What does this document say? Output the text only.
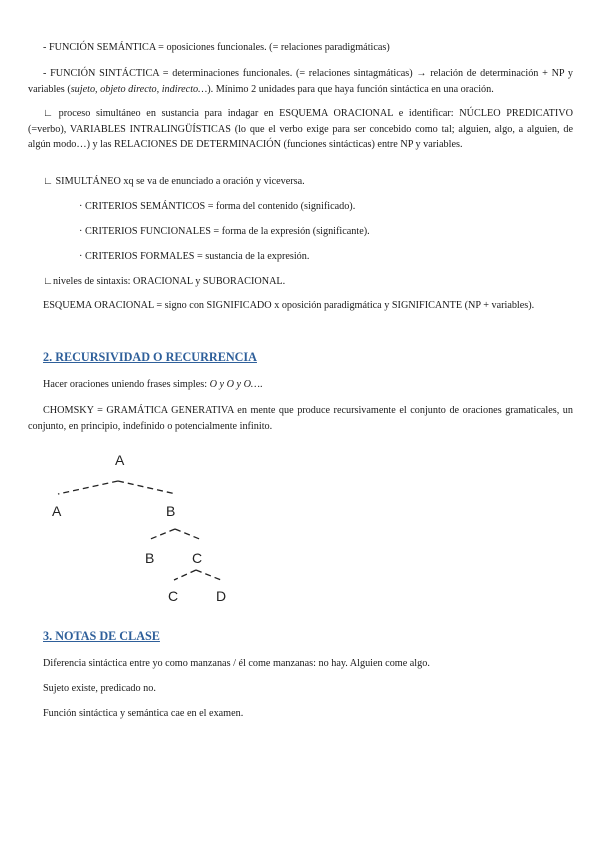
- FUNCIÓN SEMÁNTICA = oposiciones funcionales. (= relaciones paradigmáticas)
- FUNCIÓN SINTÁCTICA = determinaciones funcionales. (= relaciones sintagmáticas) → relación de determinación + NP y variables (sujeto, objeto directo, indirecto…). Mínimo 2 unidades para que haya función sintáctica en una oración.
∟ proceso simultáneo en sustancia para indagar en ESQUEMA ORACIONAL e identificar: NÚCLEO PREDICATIVO (=verbo), VARIABLES INTRALINGÜÍSTICAS (lo que el verbo exige para ser concebido como tal; alguien, algo, a alguien, de algún modo…) y las RELACIONES DE DETERMINACIÓN (funciones sintácticas) entre NP y variables.
∟ SIMULTÁNEO xq se va de enunciado a oración y viceversa.
· CRITERIOS SEMÁNTICOS = forma del contenido (significado).
· CRITERIOS FUNCIONALES = forma de la expresión (significante).
· CRITERIOS FORMALES = sustancia de la expresión.
∟niveles de sintaxis: ORACIONAL y SUBORACIONAL.
ESQUEMA ORACIONAL = signo con SIGNIFICADO x oposición paradigmática y SIGNIFICANTE (NP + variables).
2. RECURSIVIDAD O RECURRENCIA
Hacer oraciones uniendo frases simples: O y O y O….
CHOMSKY = GRAMÁTICA GENERATIVA en mente que produce recursivamente el conjunto de oraciones gramaticales, un conjunto, en principio, indefinido o potencialmente infinito.
A
A	B
B	C
C	D
3. NOTAS DE CLASE
Diferencia sintáctica entre yo como manzanas / él come manzanas: no hay. Alguien come algo.
Sujeto existe, predicado no.
Función sintáctica y semántica cae en el examen.
